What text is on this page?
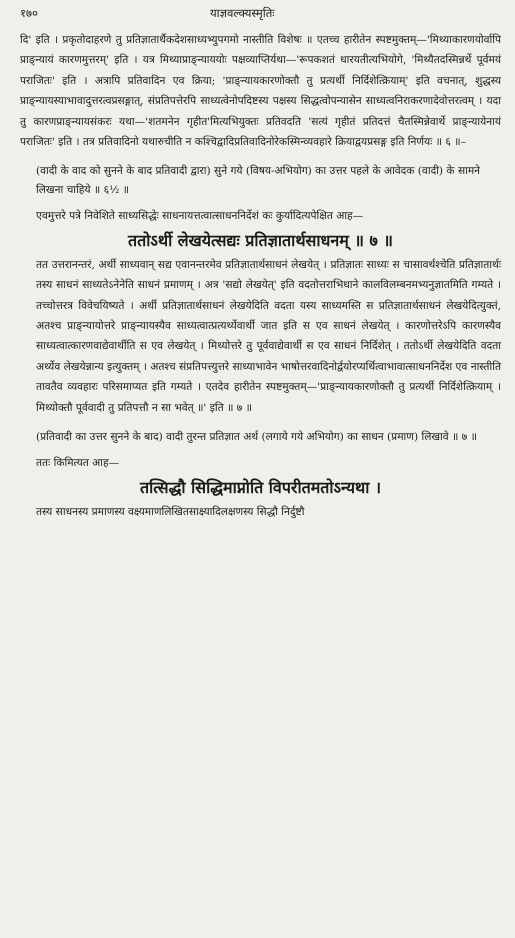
१७०	याज्ञवल्क्यस्मृतिः

दि' इति । प्रकृतोदाहरणे तु प्रतिज्ञातार्थैकदेशसाध्यभ्युपगमो नास्तीति विशेषः ॥ एतच्च हारीतेन स्पष्टमुक्तम्—'मिथ्याकारणयोर्वापि प्राङ्न्यायं कारणमुत्तरम्' इति । यत्र मिथ्याप्राङ्न्याययोः पक्षव्याप्तिर्यथा—'रूपकशतं धारयतीत्यभियोगे, 'मिथ्यैतदस्मिन्नर्थे पूर्वमयं पराजितः' इति । अत्रापि प्रतिवादिन एव क्रिया; 'प्राङ्न्यायकारणोक्तौ तु प्रत्यर्थी निर्दिशेत्क्रियाम्' इति वचनात्, शुद्धस्य प्राङ्न्यायस्याभावादुत्तरत्वप्रसङ्गात्, संप्रतिपत्तेरपि साध्यत्वेनोपदिष्टस्य पक्षस्य सिद्धत्वोपन्यासेन साध्यत्वनिराकरणादेवोत्तरत्वम् । यदा तु कारणप्राङ्न्यायसंकरः यथा—'शतमनेन गृहीत'मित्यभियुक्तः प्रतिवदति 'सत्यं गृहीतं प्रतिदत्तं चैतस्मिन्नेवार्थे प्राङ्न्यायेनायं पराजितः' इति । तत्र प्रतिवादिनो यथारुचीति न कश्चिद्वादिप्रतिवादिनोरेकस्मिन्व्यवहारे क्रियाद्वयप्रसङ्ग इति निर्णयः ॥ ६ ॥–

(वादी के वाद को सुनने के बाद प्रतिवादी द्वारा) सुने गये (विषय-अभियोग) का उत्तर पहले के आवेदक (वादी) के सामने लिखना चाहिये ॥ ६½ ॥

एवमुत्तरे पत्रे निवेशिते साध्यसिद्धेः साधनायत्तत्वात्साधननिर्देशं कः कुर्यादित्यपेक्षित आह—

ततोऽर्थी लेखयेत्सद्यः प्रतिज्ञातार्थसाधनम् ॥ ७ ॥

तत उत्तरानन्तरं, अर्थी साध्यवान् सद्य एवानन्तरमेव प्रतिज्ञातार्थसाधनं लेखयेत् । प्रतिज्ञातः साध्यः स चासावर्थश्चेति प्रतिज्ञातार्थः तस्य साधनं साध्यतेऽनेनेति साधनं प्रमाणम् । अत्र 'सद्यो लेखयेत्' इति वदतोत्तराभिधाने कालविलम्बनमभ्यनुज्ञातमिति गम्यते । तच्चोत्तरत्र विवेचयिष्यते । अर्थी प्रतिज्ञातार्थसाधनं लेखयेदिति वदता यस्य साध्यमस्ति स प्रतिज्ञातार्थसाधनं लेखयेदित्युक्तं, अतश्च प्राङ्न्यायोत्तरे प्राङ्न्यायस्यैव साध्यत्वात्प्रत्यर्थ्येवार्थी जात इति स एव साधनं लेखयेत् । कारणोत्तरेऽपि कारणस्यैव साध्यत्वात्कारणवाद्येवार्थीति स एव लेखयेत् । मिथ्योत्तरे तु पूर्ववाद्येवार्थी स एव साधनं निर्दिशेत् । ततोऽर्थी लेखयेदिति वदता अर्थ्येव लेखयेन्नान्य इत्युक्तम् । अतश्च संप्रतिपत्त्युत्तरे साध्याभावेन भाषोत्तरवादिनोर्द्वयोरप्यर्थित्वाभावात्साधननिर्देश एव नास्तीति तावतैव व्यवहारः परिसमाप्यत इति गम्यते । एतदेव हारीतेन स्पष्टमुक्तम्—'प्राङ्न्यायकारणोक्तौ तु प्रत्यर्थी निर्दिशेत्क्रियाम् । मिथ्योक्तौ पूर्ववादी तु प्रतिपत्तौ न सा भवेत् ॥' इति ॥ ७ ॥

(प्रतिवादी का उत्तर सुनने के बाद) वादी तुरन्त प्रतिज्ञात अर्थ (लगाये गये अभियोग) का साधन (प्रमाण) लिखावे ॥ ७ ॥

ततः किमित्यत आह—

तत्सिद्धौ सिद्धिमाप्नोति विपरीतमतोऽन्यथा ।

तस्य साधनस्य प्रमाणस्य वक्ष्यमाणलिखितसाक्ष्यादिलक्षणस्य सिद्धौ निर्दुष्टौ
